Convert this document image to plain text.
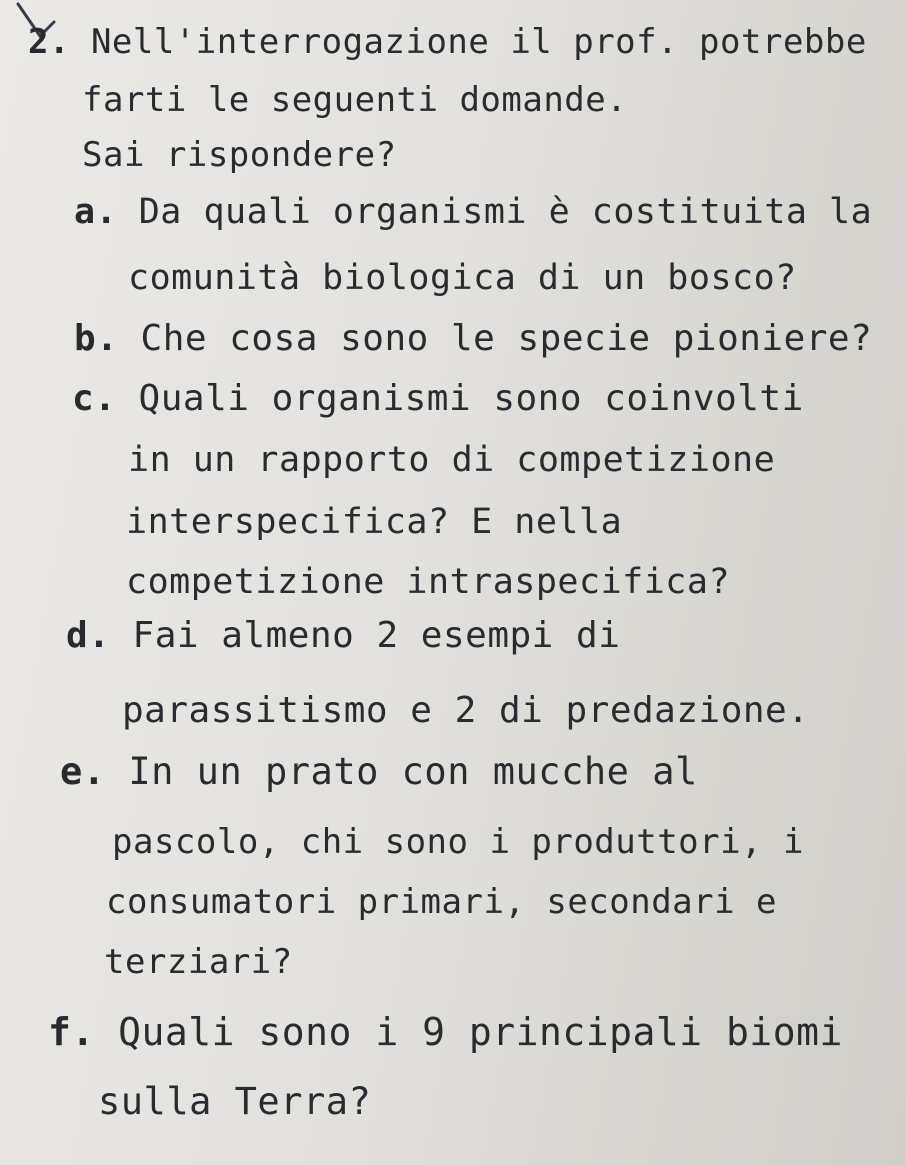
2. Nell'interrogazione il prof. potrebbe
farti le seguenti domande.
Sai rispondere?
a. Da quali organismi è costituita la
comunità biologica di un bosco?
b. Che cosa sono le specie pioniere?
c. Quali organismi sono coinvolti
in un rapporto di competizione
interspecifica? E nella
competizione intraspecifica?
d. Fai almeno 2 esempi di
parassitismo e 2 di predazione.
e. In un prato con mucche al
pascolo, chi sono i produttori, i
consumatori primari, secondari e
terziari?
f. Quali sono i 9 principali biomi
sulla Terra?
